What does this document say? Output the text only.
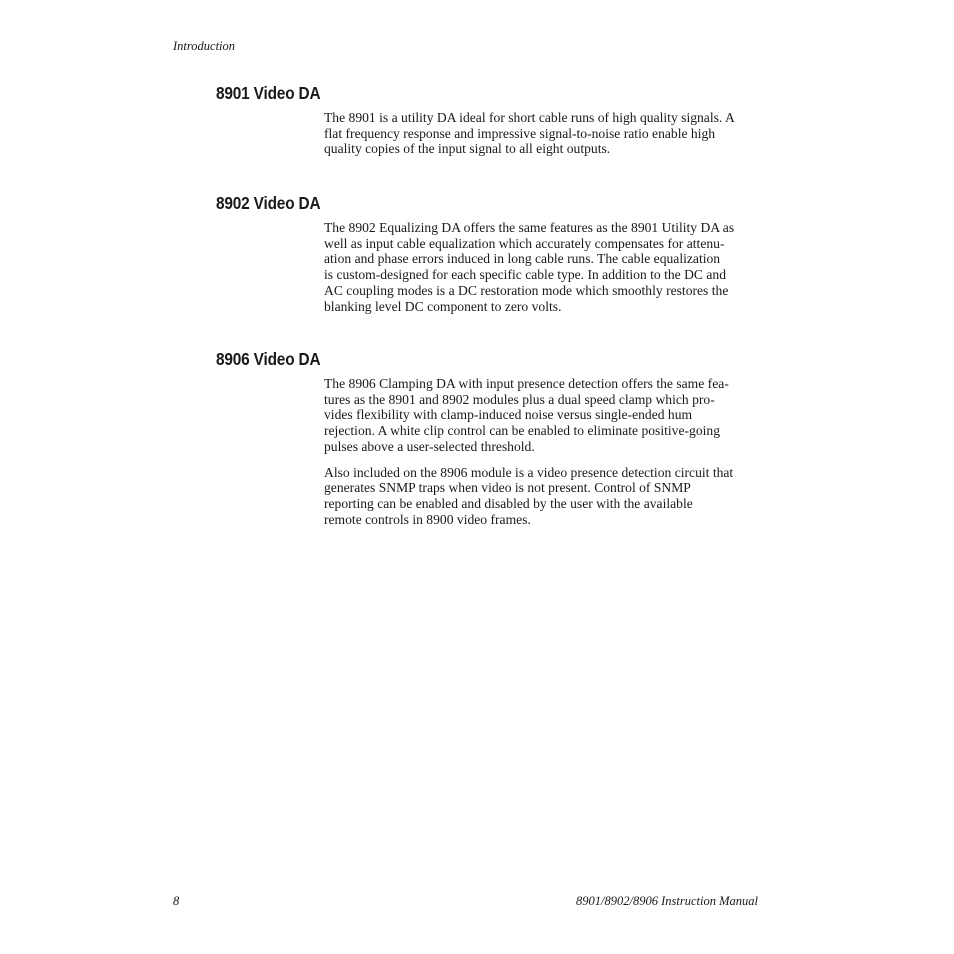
Introduction
8901 Video DA

The 8901 is a utility DA ideal for short cable runs of high quality signals. A
flat frequency response and impressive signal-to-noise ratio enable high
quality copies of the input signal to all eight outputs.

8902 Video DA

The 8902 Equalizing DA offers the same features as the 8901 Utility DA as
well as input cable equalization which accurately compensates for attenu-
ation and phase errors induced in long cable runs. The cable equalization
is custom-designed for each specific cable type. In addition to the DC and
AC coupling modes is a DC restoration mode which smoothly restores the
blanking level DC component to zero volts.

8906 Video DA

The 8906 Clamping DA with input presence detection offers the same fea-
tures as the 8901 and 8902 modules plus a dual speed clamp which pro-
vides flexibility with clamp-induced noise versus single-ended hum
rejection. A white clip control can be enabled to eliminate positive-going
pulses above a user-selected threshold.

Also included on the 8906 module is a video presence detection circuit that
generates SNMP traps when video is not present. Control of SNMP
reporting can be enabled and disabled by the user with the available
remote controls in 8900 video frames.

8	8901/8902/8906 Instruction Manual
